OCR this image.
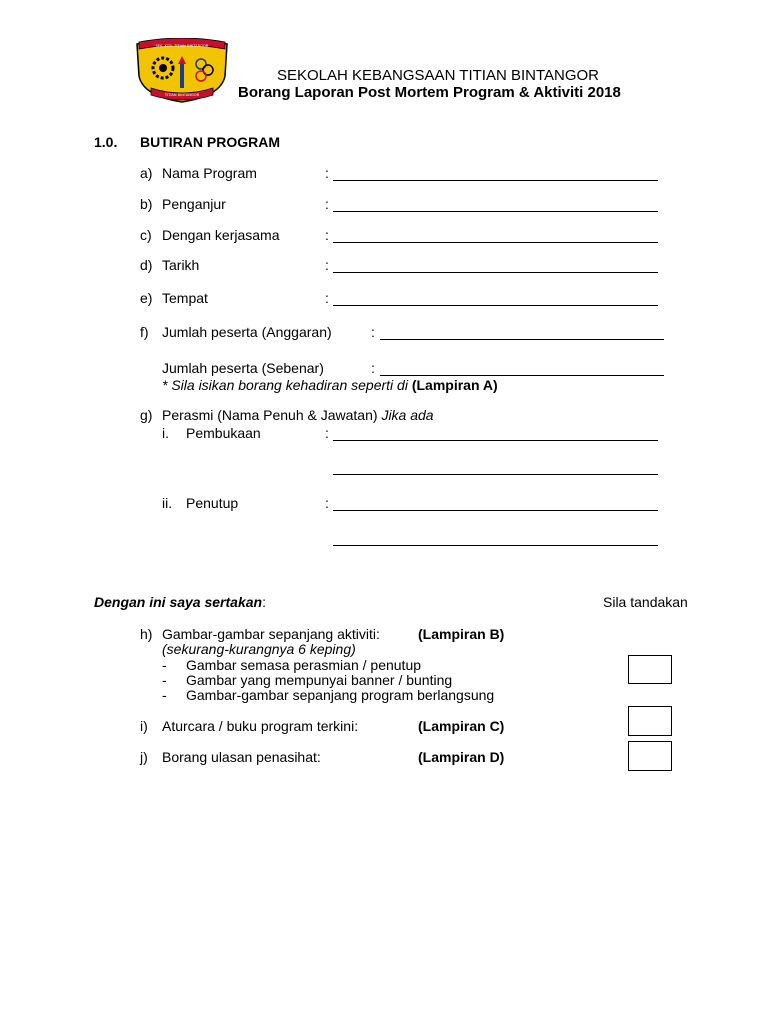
SEK. KEB. TITIAN BINTANGOR
TITIAN BINTANGOR
SEKOLAH KEBANGSAAN TITIAN BINTANGOR
Borang Laporan Post Mortem Program & Aktiviti 2018
1.0. BUTIRAN PROGRAM
a) Nama Program	:
b) Penganjur	:
c) Dengan kerjasama	:
d) Tarikh	:
e) Tempat	:
f) Jumlah peserta (Anggaran)	:
Jumlah peserta (Sebenar)	:
* Sila isikan borang kehadiran seperti di (Lampiran A)
g) Perasmi (Nama Penuh & Jawatan) Jika ada
i. Pembukaan	:
ii. Penutup	:
Dengan ini saya sertakan:	Sila tandakan
h) Gambar-gambar sepanjang aktiviti:	(Lampiran B)
(sekurang-kurangnya 6 keping)
- Gambar semasa perasmian / penutup
- Gambar yang mempunyai banner / bunting
- Gambar-gambar sepanjang program berlangsung
i) Aturcara / buku program terkini:	(Lampiran C)
j) Borang ulasan penasihat:	(Lampiran D)
